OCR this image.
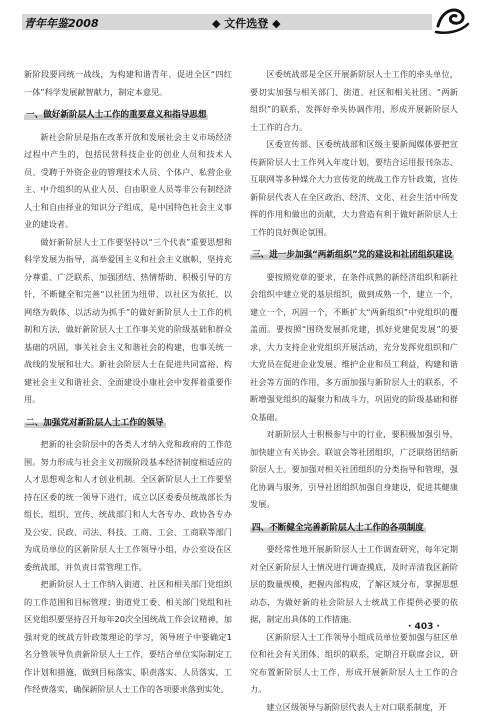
青年年鉴2008	◆ 文件选登 ◆

新阶段要同统一战线，为构建和谐青年、促进全区“四红一体”科学发展献智献力，制定本意见。

一、做好新阶层人士工作的重要意义和指导思想

新社会阶层是指在改革开放和发展社会主义市场经济过程中产生的，包括民营科技企业的创业人员和技术人员、受聘于外资企业的管理技术人员、个体户、私营企业主、中介组织的从业人员、自由职业人员等非公有制经济人士和自由择业的知识分子组成，是中国特色社会主义事业的建设者。

做好新阶层人士工作要坚持以“三个代表”重要思想和科学发展为指导，高举爱国主义和社会主义旗帜，坚持充分尊重、广泛联系、加强团结、热情帮助、积极引导的方针，不断健全和完善“以社团为纽带、以社区为依托、以网络为载体、以活动为抓手”的做好新阶层人士工作的机制和方法，做好新阶层人士工作事关党的阶级基础和群众基础的巩固，事关社会主义和谐社会的构建，也事关统一战线的发展和壮大。新社会阶层人士在促进共同富裕、构建社会主义和谐社会、全面建设小康社会中发挥着重要作用。

二、加强党对新阶层人士工作的领导

把新的社会阶层中的各类人才纳入党和政府的工作范围。努力形成与社会主义初级阶段基本经济制度相适应的人才思想观念和人才创业机制。全区新阶层人士工作要坚持在区委的统一领导下进行，成立以区委委员统战部长为组长，组织、宣传、统战部门和人大各专办、政协各专办及公安、民政、司法、科技、工商、工会、工商联等部门为成员单位的区新阶层人士工作领导小组，办公室设在区委统战部，并负责日常管理工作。

把新阶层人士工作纳入街道、社区和相关部门党组织的工作范围和目标管理；街道党工委、相关部门党组和社区党组织要坚持召开每年20次全国统战工作会议精神，加强对党的统战方针政策理论的学习，领导班子中要确定1名分管领导负责新阶层人士工作，要结合单位实际制定工作计划和措施，做到目标落实、职责落实、人员落实，工作经费落实，确保新阶层人士工作的各项要求落到实处。

区委统战部是全区开展新阶层人士工作的牵头单位，要切实加强与相关部门、街道、社区和相关社团、“两新组织”的联系，发挥好牵头协调作用，形成开展新阶层人士工作的合力。

区委宣传部、区委统战部和区级主要新闻媒体要把宣传新阶层人士工作列入年度计划，要结合运用报刊杂志、互联网等多种媒介大力宣传党的统战工作方针政策，宣传新阶层代表人在全区政治、经济、文化、社会生活中所发挥的作用和做出的贡献，大力营造有利于做好新阶层人士工作的良好舆论氛围。

三、进一步加强“两新组织”党的建设和社团组织建设

要按照党章的要求，在条件成熟的新经济组织和新社会组织中建立党的基层组织，做到成熟一个，建立一个，建立一个，巩固一个，不断扩大“两新组织”中党组织的覆盖面。要按照“围绕发展抓党建，抓好党建促发展”的要求，大力支持企业党组织开展活动，充分发挥党组织和广大党员在促进企业发展、维护企业和员工利益，构建和谐社会等方面的作用，多方面加强与新阶层人士的联系，不断增强党组织的凝聚力和战斗力，巩固党的阶级基础和群众基础。

对新阶层人士积极参与中的行业，要积极加强引导，加快建立有关协会。联谊会等社团组织，广泛联络团结新阶层人士。要加强对相关社团组织的分类指导和管理，强化协调与服务，引导社团组织加强自身建设，促进其健康发展。

四、不断健全完善新阶层人士工作的各项制度

要经常性地开展新阶层人士工作调查研究，每年定期对全区新阶层人士情况进行调查摸底，及时弄清我区新阶层的数量规模，把握内部构成，了解区域分布，掌握思想动态，为做好新的社会阶层人士统战工作提供必要的依据，制定出具体的工作措施。

区新阶层人士工作领导小组成员单位要加强与驻区单位和社会有关团体、组织的联系，定期召开联席会议，研究布置新阶层人士工作，形成开展新阶层人士工作的合力。

建立区级领导与新阶层代表人士对口联系制度，开

· 403 ·
